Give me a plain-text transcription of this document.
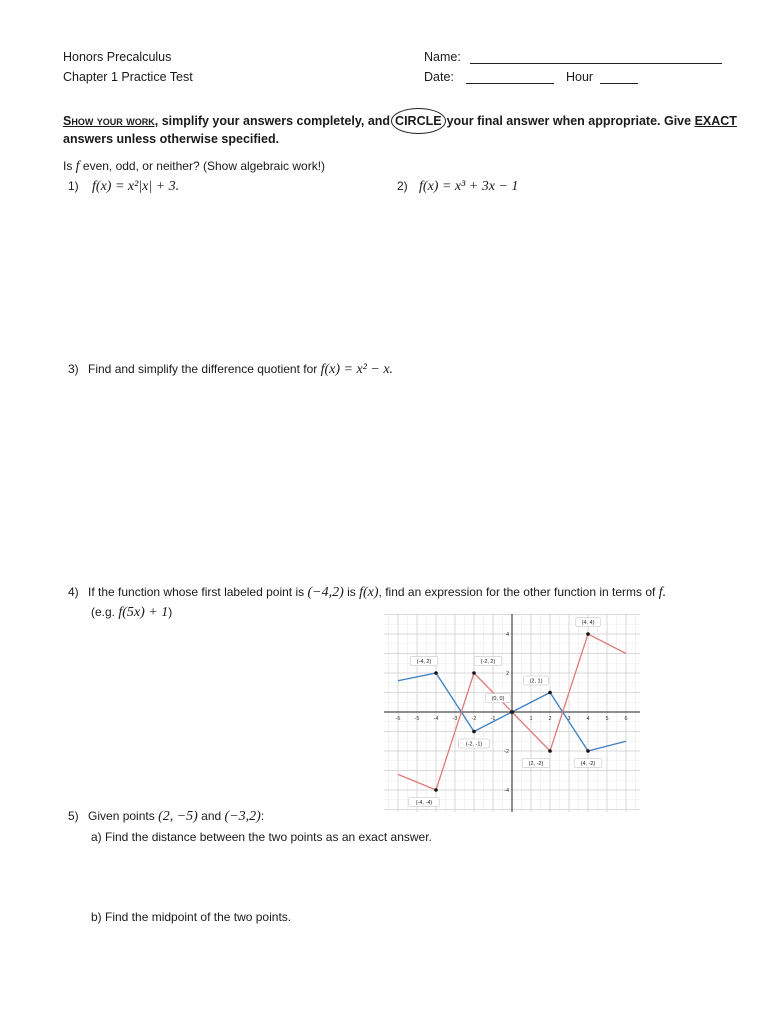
Honors Precalculus
Chapter 1 Practice Test
Name:
Date:	Hour
Show your work, simplify your answers completely, and CIRCLE your final answer when appropriate. Give EXACT
answers unless otherwise specified.
Is f even, odd, or neither? (Show algebraic work!)
1) f(x) = x²|x| + 3.	2) f(x) = x³ + 3x − 1
3) Find and simplify the difference quotient for f(x) = x² − x.
4) If the function whose first labeled point is (−4,2) is f(x), find an expression for the other function in terms of f.
(e.g. f(5x) + 1)
-6	-5	-4	-3	-2	-1	1	2	3	4	5	6
4
2
-2
-4
(-4, 2)	(-2, 2)
(0, 0)
(2, 1)
(-2, -1)
(2, -2)	(4, -2)
(4, 4)
(-4, -4)
5) Given points (2, −5) and (−3,2):
a) Find the distance between the two points as an exact answer.
b) Find the midpoint of the two points.
